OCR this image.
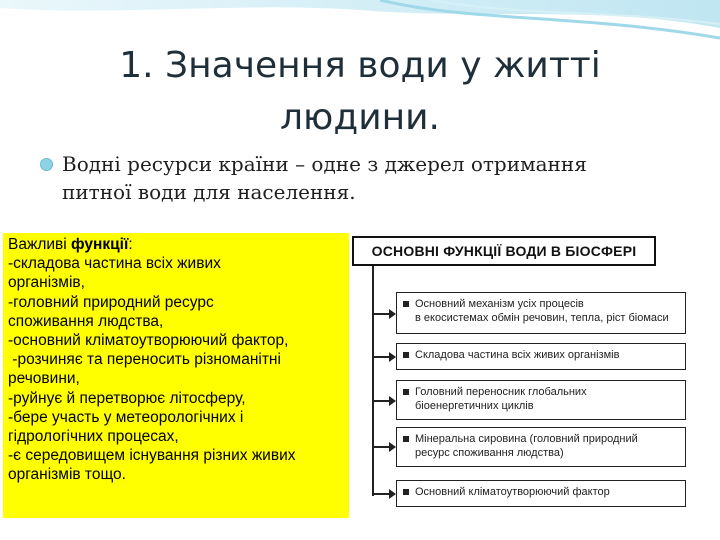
1. Значення води у житті
людини.
Водні ресурси країни – одне з джерел отримання
питної води для населення.
Важливі функції:
-складова частина всіх живих
організмів,
-головний природний ресурс
споживання людства,
-основний кліматоутворюючий фактор,
-розчиняє та переносить різноманітні
речовини,
-руйнує й перетворює літосферу,
-бере участь у метеорологічних і
гідрологічних процесах,
-є середовищем існування різних живих
організмів тощо.
ОСНОВНІ ФУНКЦІЇ ВОДИ В БІОСФЕРІ
Основний механізм усіх процесів
в екосистемах обмін речовин, тепла, ріст біомаси
Складова частина всіх живих організмів
Головний переносник глобальних
біоенергетичних циклів
Мінеральна сировина (головний природний
ресурс споживання людства)
Основний кліматоутворюючий фактор
